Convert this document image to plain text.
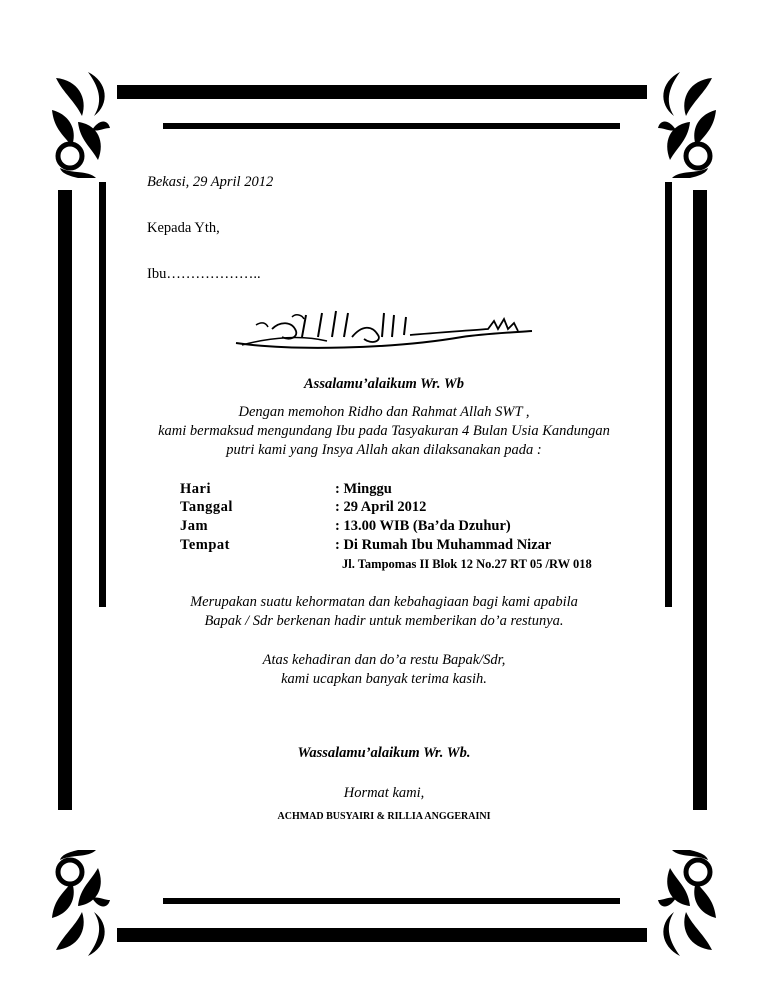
Bekasi, 29 April 2012
Kepada Yth,
Ibu………………..
Assalamu’alaikum Wr. Wb
Dengan memohon Ridho dan Rahmat Allah SWT ,
kami bermaksud mengundang Ibu pada Tasyakuran 4 Bulan Usia Kandungan
putri kami yang Insya Allah akan dilaksanakan pada :
Hari	: Minggu
Tanggal	: 29 April 2012
Jam	: 13.00 WIB (Ba’da Dzuhur)
Tempat	: Di Rumah Ibu Muhammad Nizar
Jl. Tampomas II Blok 12 No.27 RT 05 /RW 018
Merupakan suatu kehormatan dan kebahagiaan bagi kami apabila
Bapak / Sdr berkenan hadir untuk memberikan do’a restunya.
Atas kehadiran dan do’a restu Bapak/Sdr,
kami ucapkan banyak terima kasih.
Wassalamu’alaikum Wr. Wb.
Hormat kami,
ACHMAD BUSYAIRI & RILLIA ANGGERAINI
